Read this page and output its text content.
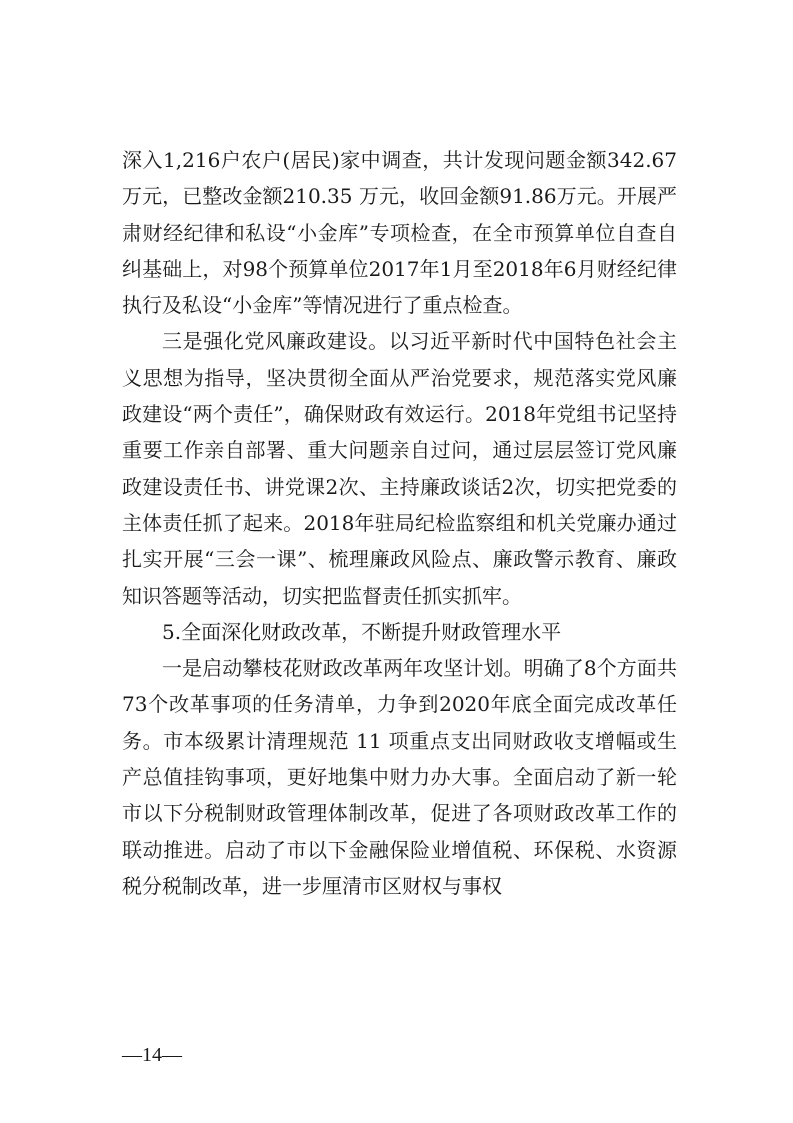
深入1,216户农户(居民)家中调查，共计发现问题金额342.67万元，已整改金额210.35 万元，收回金额91.86万元。开展严肃财经纪律和私设“小金库”专项检查，在全市预算单位自查自纠基础上，对98个预算单位2017年1月至2018年6月财经纪律执行及私设“小金库”等情况进行了重点检查。

三是强化党风廉政建设。以习近平新时代中国特色社会主义思想为指导，坚决贯彻全面从严治党要求，规范落实党风廉政建设“两个责任”，确保财政有效运行。2018年党组书记坚持重要工作亲自部署、重大问题亲自过问，通过层层签订党风廉政建设责任书、讲党课2次、主持廉政谈话2次，切实把党委的主体责任抓了起来。2018年驻局纪检监察组和机关党廉办通过扎实开展“三会一课”、梳理廉政风险点、廉政警示教育、廉政知识答题等活动，切实把监督责任抓实抓牢。

5.全面深化财政改革，不断提升财政管理水平

一是启动攀枝花财政改革两年攻坚计划。明确了8个方面共73个改革事项的任务清单，力争到2020年底全面完成改革任务。市本级累计清理规范 11 项重点支出同财政收支增幅或生产总值挂钩事项，更好地集中财力办大事。全面启动了新一轮市以下分税制财政管理体制改革，促进了各项财政改革工作的联动推进。启动了市以下金融保险业增值税、环保税、水资源税分税制改革，进一步厘清市区财权与事权

—14—
